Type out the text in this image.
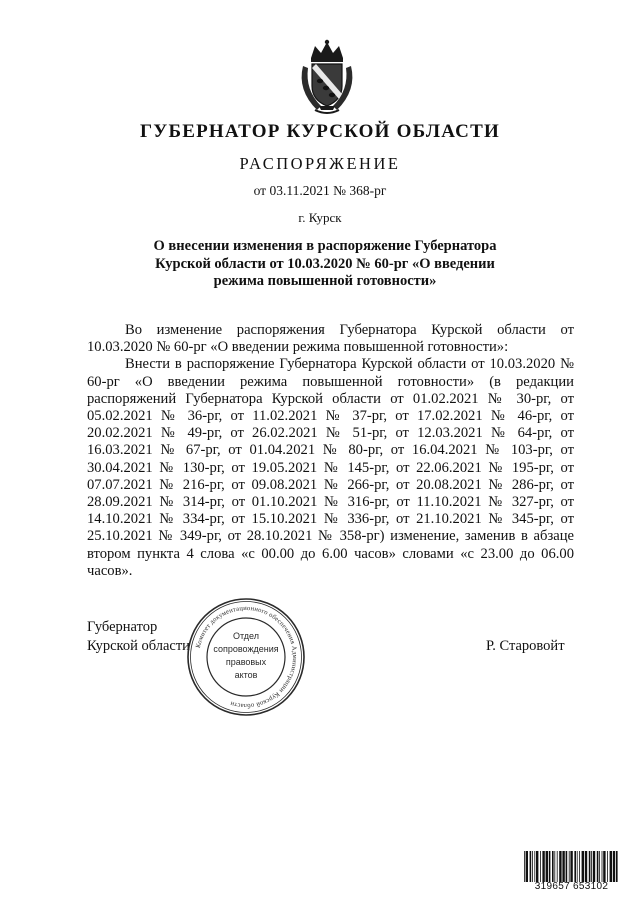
ГУБЕРНАТОР КУРСКОЙ ОБЛАСТИ
РАСПОРЯЖЕНИЕ
от 03.11.2021 № 368-рг
г. Курск
О внесении изменения в распоряжение Губернатора Курской области от 10.03.2020 № 60-рг «О введении режима повышенной готовности»

Во изменение распоряжения Губернатора Курской области от 10.03.2020 № 60-рг «О введении режима повышенной готовности»:

Внести в распоряжение Губернатора Курской области от 10.03.2020 № 60-рг «О введении режима повышенной готовности» (в редакции распоряжений Губернатора Курской области от 01.02.2021 № 30-рг, от 05.02.2021 № 36-рг, от 11.02.2021 № 37-рг, от 17.02.2021 № 46-рг, от 20.02.2021 № 49-рг, от 26.02.2021 № 51-рг, от 12.03.2021 № 64-рг, от 16.03.2021 № 67-рг, от 01.04.2021 № 80-рг, от 16.04.2021 № 103-рг, от 30.04.2021 № 130-рг, от 19.05.2021 № 145-рг, от 22.06.2021 № 195-рг, от 07.07.2021 № 216-рг, от 09.08.2021 № 266-рг, от 20.08.2021 № 286-рг, от 28.09.2021 № 314-рг, от 01.10.2021 № 316-рг, от 11.10.2021 № 327-рг, от 14.10.2021 № 334-рг, от 15.10.2021 № 336-рг, от 21.10.2021 № 345-рг, от 25.10.2021 № 349-рг, от 28.10.2021 № 358-рг) изменение, заменив в абзаце втором пункта 4 слова «с 00.00 до 6.00 часов» словами «с 23.00 до 06.00 часов».

Губернатор
Курской области	Р. Старовойт
Комитет документационного обеспечения Администрации Курской области
Отдел
сопровождения
правовых
актов
319657 653102
